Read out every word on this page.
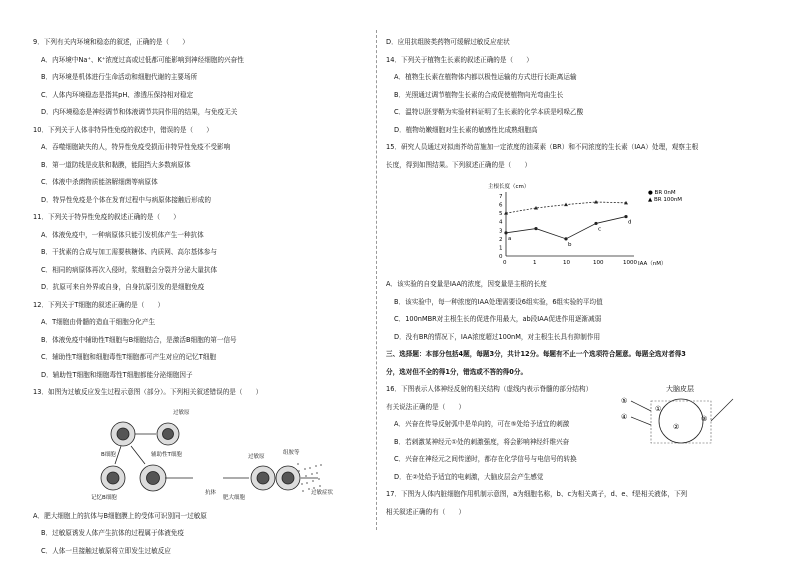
9．下列有关内环境和稳态的叙述，正确的是（　　）
A．内环境中Na⁺、K⁺浓度过高或过低都可能影响到神经细胞的兴奋性
B．内环境是机体进行生命活动和细胞代谢的主要场所
C．人体内环境稳态是指其pH、渗透压保持相对稳定
D．内环境稳态是神经调节和体液调节共同作用的结果，与免疫无关
10．下列关于人体非特异性免疫的叙述中，错误的是（　　）
A．吞噬细胞缺失的人，特异性免疫受损而非特异性免疫不受影响
B．第一道防线是皮肤和黏膜，能阻挡大多数病原体
C．体液中杀菌物质能溶解细菌等病原体
D．特异性免疫是个体在发育过程中与病原体接触后形成的
11．下列关于特异性免疫的叙述正确的是（　　）
A．体液免疫中，一种病原体只能引发机体产生一种抗体
B．干扰素的合成与加工需要核糖体、内质网、高尔基体参与
C．相同的病原体再次入侵时，浆细胞会分裂并分泌大量抗体
D．抗原可来自外界或自身，自身抗原引发的是细胞免疫
12．下列关于T细胞的叙述正确的是（　　）
A．T细胞由骨髓的造血干细胞分化产生
B．体液免疫中辅助性T细胞与B细胞结合，是激活B细胞的第一信号
C．辅助性T细胞和细胞毒性T细胞都可产生对应的记忆T细胞
D．辅助性T细胞和细胞毒性T细胞都能分泌细胞因子
13．如图为过敏反应发生过程示意图（部分）。下列相关叙述错误的是（　　）
过敏原
B细胞	辅助性T细胞
记忆B细胞
抗体
肥大细胞
过敏原
组胺等
过敏症状
A．肥大细胞上的抗体与B细胞膜上的受体可识别同一过敏原
B．过敏原诱发人体产生抗体的过程属于体液免疫
C．人体一旦接触过敏原将立即发生过敏反应
D．应用抗组胺类药物可缓解过敏反应症状
14．下列关于植物生长素的叙述正确的是（　　）
A．植物生长素在植物体内都以极性运输的方式进行长距离运输
B．光照通过调节植物生长素的合成促使植物向光弯曲生长
C．温特以胚芽鞘为实验材料证明了生长素的化学本质是吲哚乙酸
D．植物幼嫩细胞对生长素的敏感性比成熟细胞高
15．研究人员通过对拟南芥幼苗施加一定浓度的油菜素（BR）和不同浓度的生长素（IAA）处理，观察主根
长度，得到如图结果。下列叙述正确的是（　　）
主根长度（cm）
IAA（nM）
0	1	10	100	1000
7
6
5
4
3
2
1
0
● BR 0nM
▲ BR 100nM
a
b
c
d
A．该实验的自变量是IAA的浓度，因变量是主根的长度
B．该实验中，每一种浓度的IAA处理需要设6组实验，6组实验的平均值
C．100nMBR对主根生长的促进作用最大，ab段IAA促进作用逐渐减弱
D．没有BR的情况下，IAA浓度超过100nM，对主根生长具有抑制作用
三、选择题：本部分包括4题，每题3分，共计12分。每题有不止一个选项符合题意。每题全选对者得3
分，选对但不全的得1分，错选或不答的得0分。
16．下图表示人体神经反射的相关结构（虚线内表示脊髓的部分结构）
有关说法正确的是（　　）
A．兴奋在传导反射弧中是单向的，可在⑤处给予适宜的刺激
B．若刺激某神经元①处的刺激强度，将会影响神经纤维兴奋
C．兴奋在神经元之间传递时，都存在化学信号与电信号的转换
D．在②处给予适宜的电刺激，大脑皮层会产生感觉
大脑皮层
⑤
④
①
②
③
17．下图为人体内脏细胞作用机制示意图，a为细胞名称，b、c为相关离子，d、e、f是相关液体，下列
相关叙述正确的有（　　）
